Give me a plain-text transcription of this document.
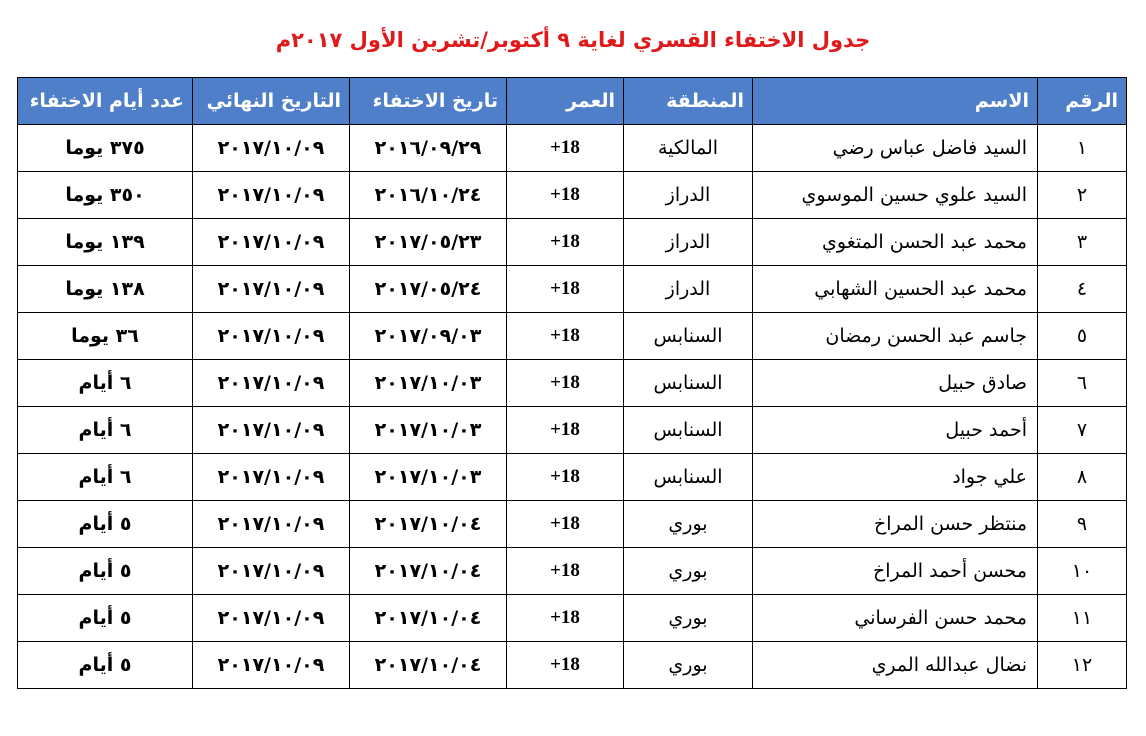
جدول الاختفاء القسري لغاية ٩ أكتوبر/تشرين الأول ٢٠١٧م
الرقم	الاسم	المنطقة	العمر	تاريخ الاختفاء	التاريخ النهائي	عدد أيام الاختفاء
١	السيد فاضل عباس رضي	المالكية	18+	٢٠١٦/٠٩/٢٩	٢٠١٧/١٠/٠٩	٣٧٥ يوما
٢	السيد علوي حسين الموسوي	الدراز	18+	٢٠١٦/١٠/٢٤	٢٠١٧/١٠/٠٩	٣٥٠ يوما
٣	محمد عبد الحسن المتغوي	الدراز	18+	٢٠١٧/٠٥/٢٣	٢٠١٧/١٠/٠٩	١٣٩ يوما
٤	محمد عبد الحسين الشهابي	الدراز	18+	٢٠١٧/٠٥/٢٤	٢٠١٧/١٠/٠٩	١٣٨ يوما
٥	جاسم عبد الحسن رمضان	السنابس	18+	٢٠١٧/٠٩/٠٣	٢٠١٧/١٠/٠٩	٣٦ يوما
٦	صادق حبيل	السنابس	18+	٢٠١٧/١٠/٠٣	٢٠١٧/١٠/٠٩	٦ أيام
٧	أحمد حبيل	السنابس	18+	٢٠١٧/١٠/٠٣	٢٠١٧/١٠/٠٩	٦ أيام
٨	علي جواد	السنابس	18+	٢٠١٧/١٠/٠٣	٢٠١٧/١٠/٠٩	٦ أيام
٩	منتظر حسن المراخ	بوري	18+	٢٠١٧/١٠/٠٤	٢٠١٧/١٠/٠٩	٥ أيام
١٠	محسن أحمد المراخ	بوري	18+	٢٠١٧/١٠/٠٤	٢٠١٧/١٠/٠٩	٥ أيام
١١	محمد حسن الفرساني	بوري	18+	٢٠١٧/١٠/٠٤	٢٠١٧/١٠/٠٩	٥ أيام
١٢	نضال عبدالله المري	بوري	18+	٢٠١٧/١٠/٠٤	٢٠١٧/١٠/٠٩	٥ أيام
